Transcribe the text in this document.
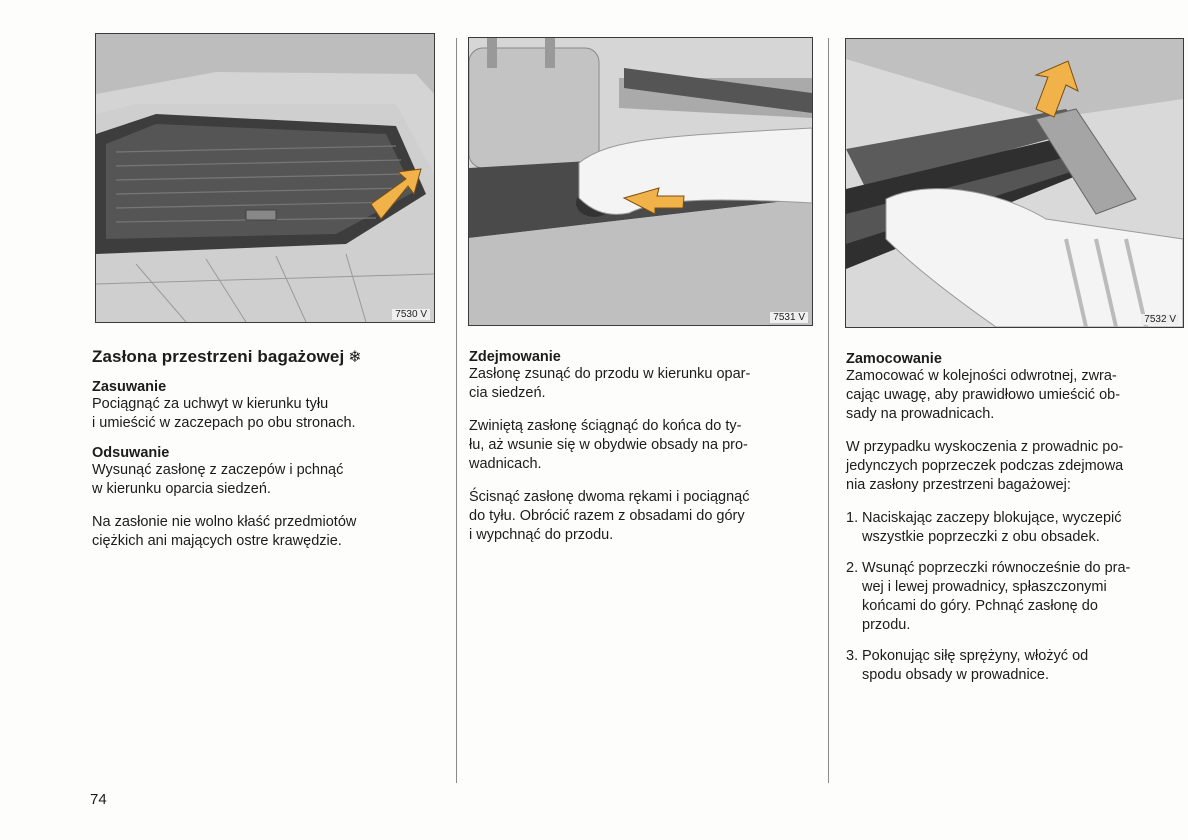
7530 V	7531 V	7532 V
Zasłona przestrzeni bagażowej ❄
Zasuwanie

Pociągnąć za uchwyt w kierunku tyłu

i umieścić w zaczepach po obu stronach.

Odsuwanie

Wysunąć zasłonę z zaczepów i pchnąć

w kierunku oparcia siedzeń.

Na zasłonie nie wolno kłaść przedmiotów

ciężkich ani mających ostre krawędzie.

Zdejmowanie

Zasłonę zsunąć do przodu w kierunku opar-

cia siedzeń.

Zwiniętą zasłonę ściągnąć do końca do ty-

łu, aż wsunie się w obydwie obsady na pro-

wadnicach.

Ścisnąć zasłonę dwoma rękami i pociągnąć

do tyłu. Obrócić razem z obsadami do góry

i wypchnąć do przodu.

Zamocowanie

Zamocować w kolejności odwrotnej, zwra-

cając uwagę, aby prawidłowo umieścić ob-

sady na prowadnicach.

W przypadku wyskoczenia z prowadnic po-

jedynczych poprzeczek podczas zdejmowa

nia zasłony przestrzeni bagażowej:

1. Naciskając zaczepy blokujące, wyczepić
wszystkie poprzeczki z obu obsadek.
2. Wsunąć poprzeczki równocześnie do pra-
wej i lewej prowadnicy, spłaszczonymi
końcami do góry. Pchnąć zasłonę do
przodu.
3. Pokonując siłę sprężyny, włożyć od
spodu obsady w prowadnice.
74
